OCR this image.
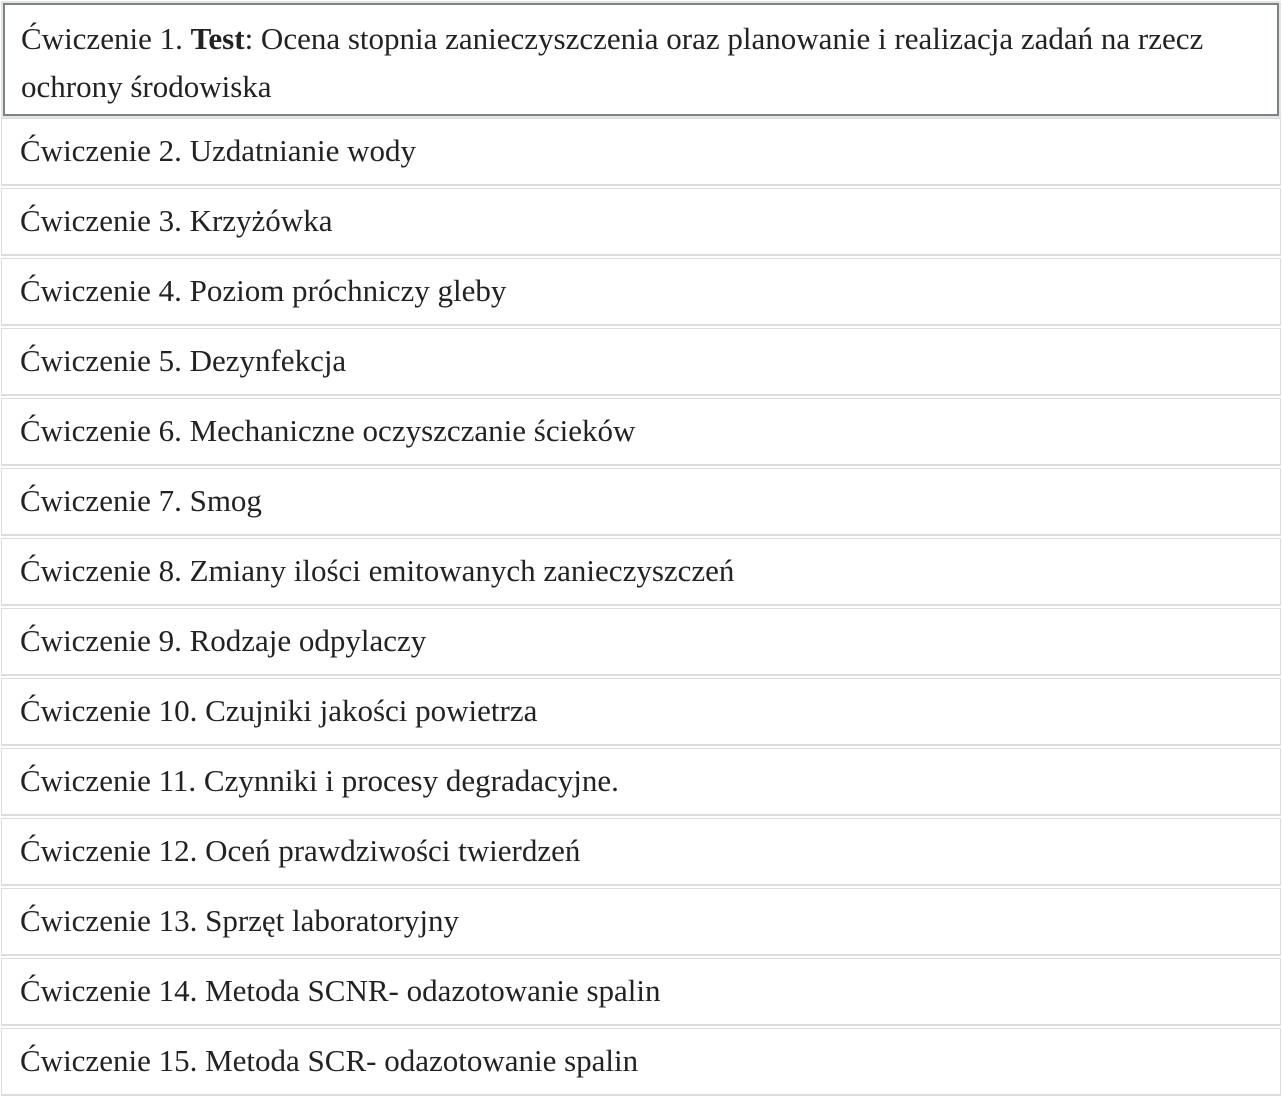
Ćwiczenie 1. Test: Ocena stopnia zanieczyszczenia oraz planowanie i realizacja zadań na rzecz ochrony środowiska
Ćwiczenie 2. Uzdatnianie wody
Ćwiczenie 3. Krzyżówka
Ćwiczenie 4. Poziom próchniczy gleby
Ćwiczenie 5. Dezynfekcja
Ćwiczenie 6. Mechaniczne oczyszczanie ścieków
Ćwiczenie 7. Smog
Ćwiczenie 8. Zmiany ilości emitowanych zanieczyszczeń
Ćwiczenie 9. Rodzaje odpylaczy
Ćwiczenie 10. Czujniki jakości powietrza
Ćwiczenie 11. Czynniki i procesy degradacyjne.
Ćwiczenie 12. Oceń prawdziwości twierdzeń
Ćwiczenie 13. Sprzęt laboratoryjny
Ćwiczenie 14. Metoda SCNR- odazotowanie spalin
Ćwiczenie 15. Metoda SCR- odazotowanie spalin
